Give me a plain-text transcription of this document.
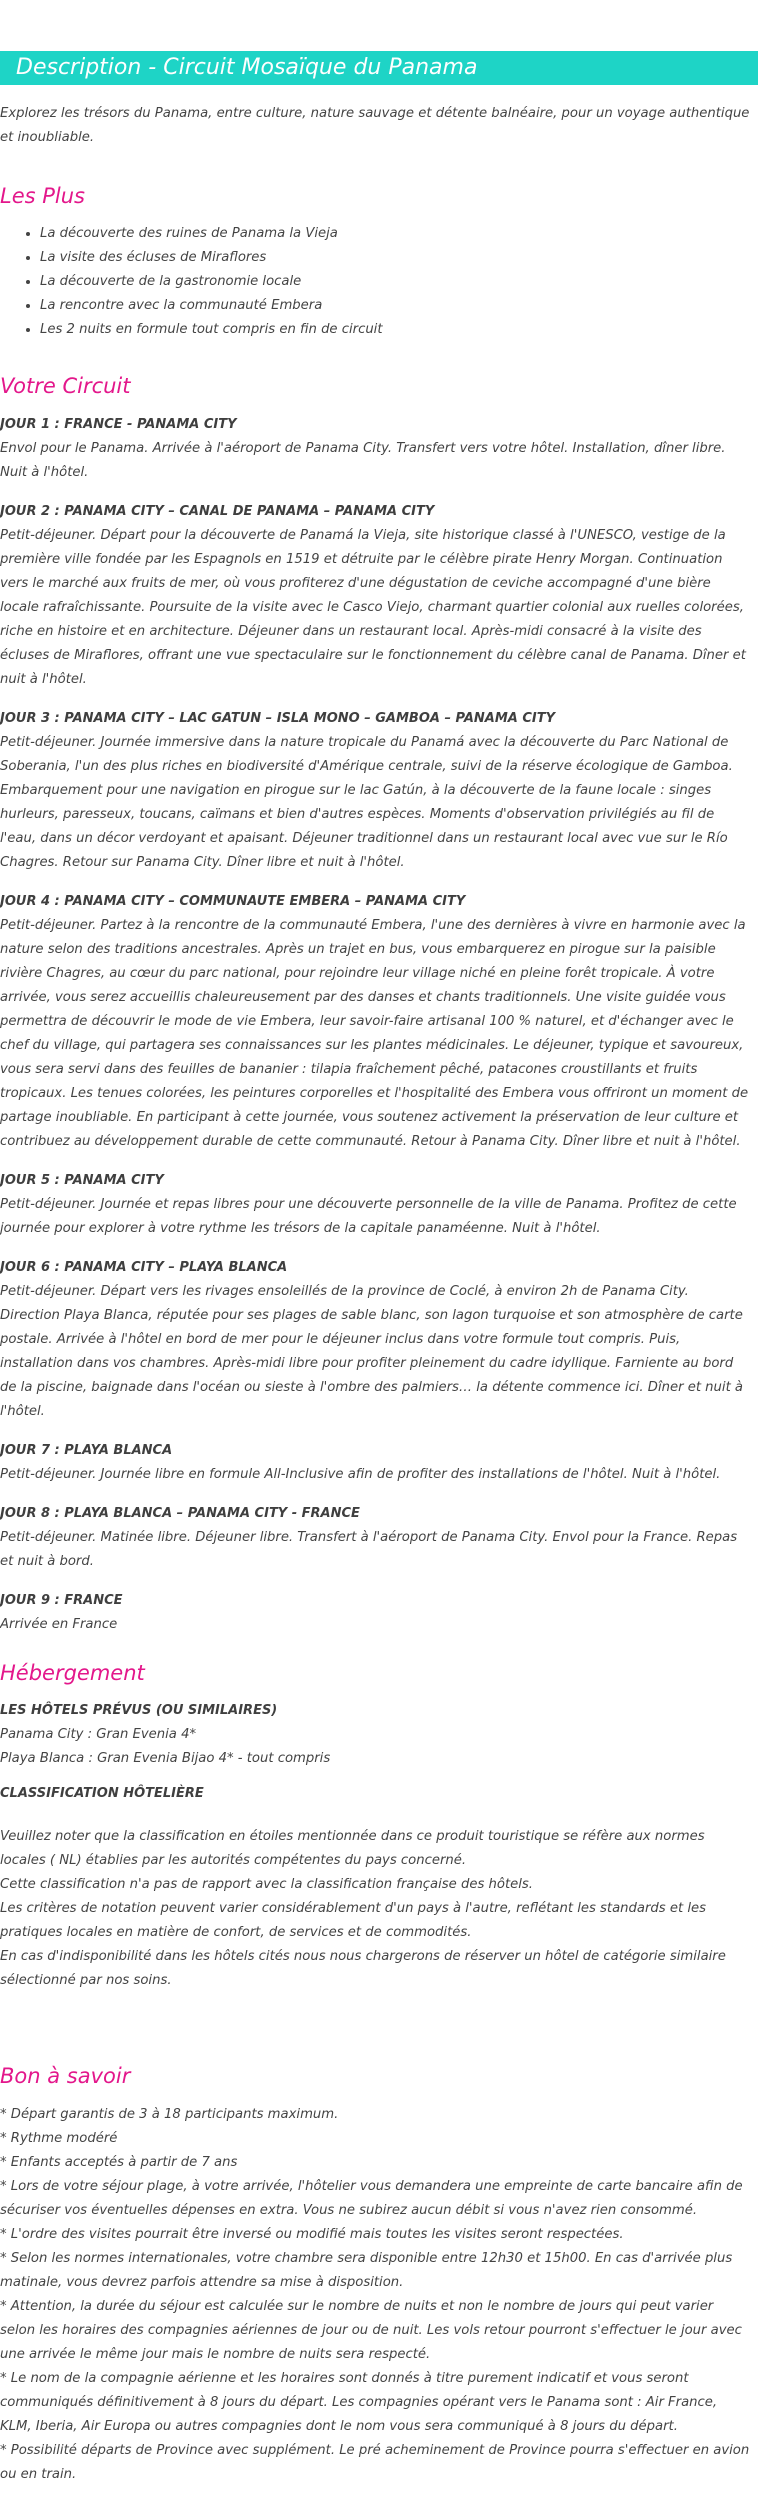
Description - Circuit Mosaïque du Panama
Explorez les trésors du Panama, entre culture, nature sauvage et détente balnéaire, pour un voyage authentique et inoubliable.
Les Plus
• La découverte des ruines de Panama la Vieja
• La visite des écluses de Miraflores
• La découverte de la gastronomie locale
• La rencontre avec la communauté Embera
• Les 2 nuits en formule tout compris en fin de circuit
Votre Circuit
JOUR 1 : FRANCE - PANAMA CITY
Envol pour le Panama. Arrivée à l'aéroport de Panama City. Transfert vers votre hôtel. Installation, dîner libre. Nuit à l'hôtel.
JOUR 2 : PANAMA CITY – CANAL DE PANAMA – PANAMA CITY
Petit-déjeuner. Départ pour la découverte de Panamá la Vieja, site historique classé à l'UNESCO, vestige de la première ville fondée par les Espagnols en 1519 et détruite par le célèbre pirate Henry Morgan. Continuation vers le marché aux fruits de mer, où vous profiterez d'une dégustation de ceviche accompagné d'une bière locale rafraîchissante. Poursuite de la visite avec le Casco Viejo, charmant quartier colonial aux ruelles colorées, riche en histoire et en architecture. Déjeuner dans un restaurant local. Après-midi consacré à la visite des écluses de Miraflores, offrant une vue spectaculaire sur le fonctionnement du célèbre canal de Panama. Dîner et nuit à l'hôtel.
JOUR 3 : PANAMA CITY – LAC GATUN – ISLA MONO – GAMBOA – PANAMA CITY
Petit-déjeuner. Journée immersive dans la nature tropicale du Panamá avec la découverte du Parc National de Soberania, l'un des plus riches en biodiversité d'Amérique centrale, suivi de la réserve écologique de Gamboa. Embarquement pour une navigation en pirogue sur le lac Gatún, à la découverte de la faune locale : singes hurleurs, paresseux, toucans, caïmans et bien d'autres espèces. Moments d'observation privilégiés au fil de l'eau, dans un décor verdoyant et apaisant. Déjeuner traditionnel dans un restaurant local avec vue sur le Río Chagres. Retour sur Panama City. Dîner libre et nuit à l'hôtel.
JOUR 4 : PANAMA CITY – COMMUNAUTE EMBERA – PANAMA CITY
Petit-déjeuner. Partez à la rencontre de la communauté Embera, l'une des dernières à vivre en harmonie avec la nature selon des traditions ancestrales. Après un trajet en bus, vous embarquerez en pirogue sur la paisible rivière Chagres, au cœur du parc national, pour rejoindre leur village niché en pleine forêt tropicale. À votre arrivée, vous serez accueillis chaleureusement par des danses et chants traditionnels. Une visite guidée vous permettra de découvrir le mode de vie Embera, leur savoir-faire artisanal 100 % naturel, et d'échanger avec le chef du village, qui partagera ses connaissances sur les plantes médicinales. Le déjeuner, typique et savoureux, vous sera servi dans des feuilles de bananier : tilapia fraîchement pêché, patacones croustillants et fruits tropicaux. Les tenues colorées, les peintures corporelles et l'hospitalité des Embera vous offriront un moment de partage inoubliable. En participant à cette journée, vous soutenez activement la préservation de leur culture et contribuez au développement durable de cette communauté. Retour à Panama City. Dîner libre et nuit à l'hôtel.
JOUR 5 : PANAMA CITY
Petit-déjeuner. Journée et repas libres pour une découverte personnelle de la ville de Panama. Profitez de cette journée pour explorer à votre rythme les trésors de la capitale panaméenne. Nuit à l'hôtel.
JOUR 6 : PANAMA CITY – PLAYA BLANCA
Petit-déjeuner. Départ vers les rivages ensoleillés de la province de Coclé, à environ 2h de Panama City. Direction Playa Blanca, réputée pour ses plages de sable blanc, son lagon turquoise et son atmosphère de carte postale. Arrivée à l'hôtel en bord de mer pour le déjeuner inclus dans votre formule tout compris. Puis, installation dans vos chambres. Après-midi libre pour profiter pleinement du cadre idyllique. Farniente au bord de la piscine, baignade dans l'océan ou sieste à l'ombre des palmiers… la détente commence ici. Dîner et nuit à l'hôtel.
JOUR 7 : PLAYA BLANCA
Petit-déjeuner. Journée libre en formule All-Inclusive afin de profiter des installations de l'hôtel. Nuit à l'hôtel.
JOUR 8 : PLAYA BLANCA – PANAMA CITY - FRANCE
Petit-déjeuner. Matinée libre. Déjeuner libre. Transfert à l'aéroport de Panama City. Envol pour la France. Repas et nuit à bord.
JOUR 9 : FRANCE
Arrivée en France
Hébergement
LES HÔTELS PRÉVUS (OU SIMILAIRES)
Panama City : Gran Evenia 4*
Playa Blanca : Gran Evenia Bijao 4* - tout compris
CLASSIFICATION HÔTELIÈRE
Veuillez noter que la classification en étoiles mentionnée dans ce produit touristique se réfère aux normes locales ( NL) établies par les autorités compétentes du pays concerné.
Cette classification n'a pas de rapport avec la classification française des hôtels.
Les critères de notation peuvent varier considérablement d'un pays à l'autre, reflétant les standards et les pratiques locales en matière de confort, de services et de commodités.
En cas d'indisponibilité dans les hôtels cités nous nous chargerons de réserver un hôtel de catégorie similaire sélectionné par nos soins.
Bon à savoir
* Départ garantis de 3 à 18 participants maximum.
* Rythme modéré
* Enfants acceptés à partir de 7 ans
* Lors de votre séjour plage, à votre arrivée, l'hôtelier vous demandera une empreinte de carte bancaire afin de sécuriser vos éventuelles dépenses en extra. Vous ne subirez aucun débit si vous n'avez rien consommé.
* L'ordre des visites pourrait être inversé ou modifié mais toutes les visites seront respectées.
* Selon les normes internationales, votre chambre sera disponible entre 12h30 et 15h00. En cas d'arrivée plus matinale, vous devrez parfois attendre sa mise à disposition.
* Attention, la durée du séjour est calculée sur le nombre de nuits et non le nombre de jours qui peut varier selon les horaires des compagnies aériennes de jour ou de nuit. Les vols retour pourront s'effectuer le jour avec une arrivée le même jour mais le nombre de nuits sera respecté.
* Le nom de la compagnie aérienne et les horaires sont donnés à titre purement indicatif et vous seront communiqués définitivement à 8 jours du départ. Les compagnies opérant vers le Panama sont : Air France, KLM, Iberia, Air Europa ou autres compagnies dont le nom vous sera communiqué à 8 jours du départ.
* Possibilité départs de Province avec supplément. Le pré acheminement de Province pourra s'effectuer en avion ou en train.
